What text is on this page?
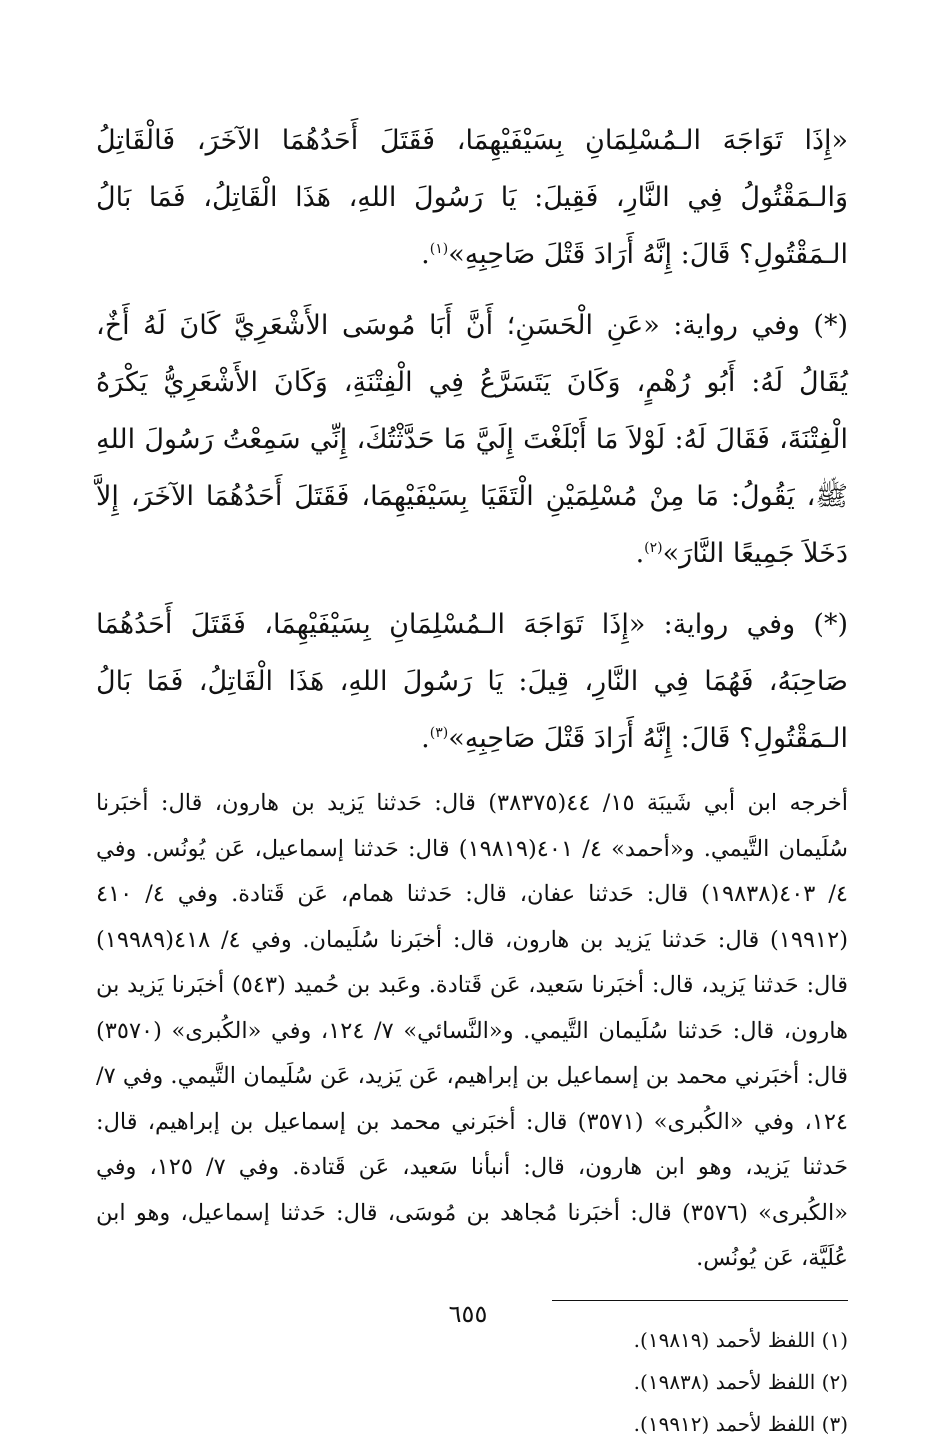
«إِذَا تَوَاجَهَ الـمُسْلِمَانِ بِسَيْفَيْهِمَا، فَقَتَلَ أَحَدُهُمَا الآخَرَ، فَالْقَاتِلُ وَالـمَقْتُولُ فِي النَّارِ، فَقِيلَ: يَا رَسُولَ اللهِ، هَذَا الْقَاتِلُ، فَمَا بَالُ الـمَقْتُولِ؟ قَالَ: إِنَّهُ أَرَادَ قَتْلَ صَاحِبِهِ»$^{(١)}$.

(*) وفي رواية: «عَنِ الْحَسَنِ؛ أَنَّ أَبَا مُوسَى الأَشْعَرِيَّ كَانَ لَهُ أَخٌ، يُقَالُ لَهُ: أَبُو رُهْمٍ، وَكَانَ يَتَسَرَّعُ فِي الْفِتْنَةِ، وَكَانَ الأَشْعَرِيُّ يَكْرَهُ الْفِتْنَةَ، فَقَالَ لَهُ: لَوْلاَ مَا أَبْلَغْتَ إِلَيَّ مَا حَدَّثْتُكَ، إِنِّي سَمِعْتُ رَسُولَ اللهِ ﷺ، يَقُولُ: مَا مِنْ مُسْلِمَيْنِ الْتَقَيَا بِسَيْفَيْهِمَا، فَقَتَلَ أَحَدُهُمَا الآخَرَ، إِلاَّ دَخَلاَ جَمِيعًا النَّارَ»$^{(٢)}$.

(*) وفي رواية: «إِذَا تَوَاجَهَ الـمُسْلِمَانِ بِسَيْفَيْهِمَا، فَقَتَلَ أَحَدُهُمَا صَاحِبَهُ، فَهُمَا فِي النَّارِ، قِيلَ: يَا رَسُولَ اللهِ، هَذَا الْقَاتِلُ، فَمَا بَالُ الـمَقْتُولِ؟ قَالَ: إِنَّهُ أَرَادَ قَتْلَ صَاحِبِهِ»$^{(٣)}$.

أخرجه ابن أبي شَيبَة ١٥/ ٤٤(٣٨٣٧٥) قال: حَدثنا يَزيد بن هارون، قال: أخبَرنا سُلَيمان التَّيمي. و«أحمد» ٤/ ٤٠١(١٩٨١٩) قال: حَدثنا إسماعيل، عَن يُونُس. وفي ٤/ ٤٠٣(١٩٨٣٨) قال: حَدثنا عفان، قال: حَدثنا همام، عَن قَتادة. وفي ٤/ ٤١٠ (١٩٩١٢) قال: حَدثنا يَزيد بن هارون، قال: أخبَرنا سُلَيمان. وفي ٤/ ٤١٨(١٩٩٨٩) قال: حَدثنا يَزيد، قال: أخبَرنا سَعيد، عَن قَتادة. وعَبد بن حُميد (٥٤٣) أخبَرنا يَزيد بن هارون، قال: حَدثنا سُلَيمان التَّيمي. و«النَّسائي» ٧/ ١٢٤، وفي «الكُبرى» (٣٥٧٠) قال: أخبَرني محمد بن إسماعيل بن إبراهيم، عَن يَزيد، عَن سُلَيمان التَّيمي. وفي ٧/ ١٢٤، وفي «الكُبرى» (٣٥٧١) قال: أخبَرني محمد بن إسماعيل بن إبراهيم، قال: حَدثنا يَزيد، وهو ابن هارون، قال: أنبأنا سَعيد، عَن قَتادة. وفي ٧/ ١٢٥، وفي «الكُبرى» (٣٥٧٦) قال: أخبَرنا مُجاهد بن مُوسَى، قال: حَدثنا إسماعيل، وهو ابن عُلَيَّة، عَن يُونُس.

(١) اللفظ لأحمد (١٩٨١٩).
(٢) اللفظ لأحمد (١٩٨٣٨).
(٣) اللفظ لأحمد (١٩٩١٢).
٦٥٥
